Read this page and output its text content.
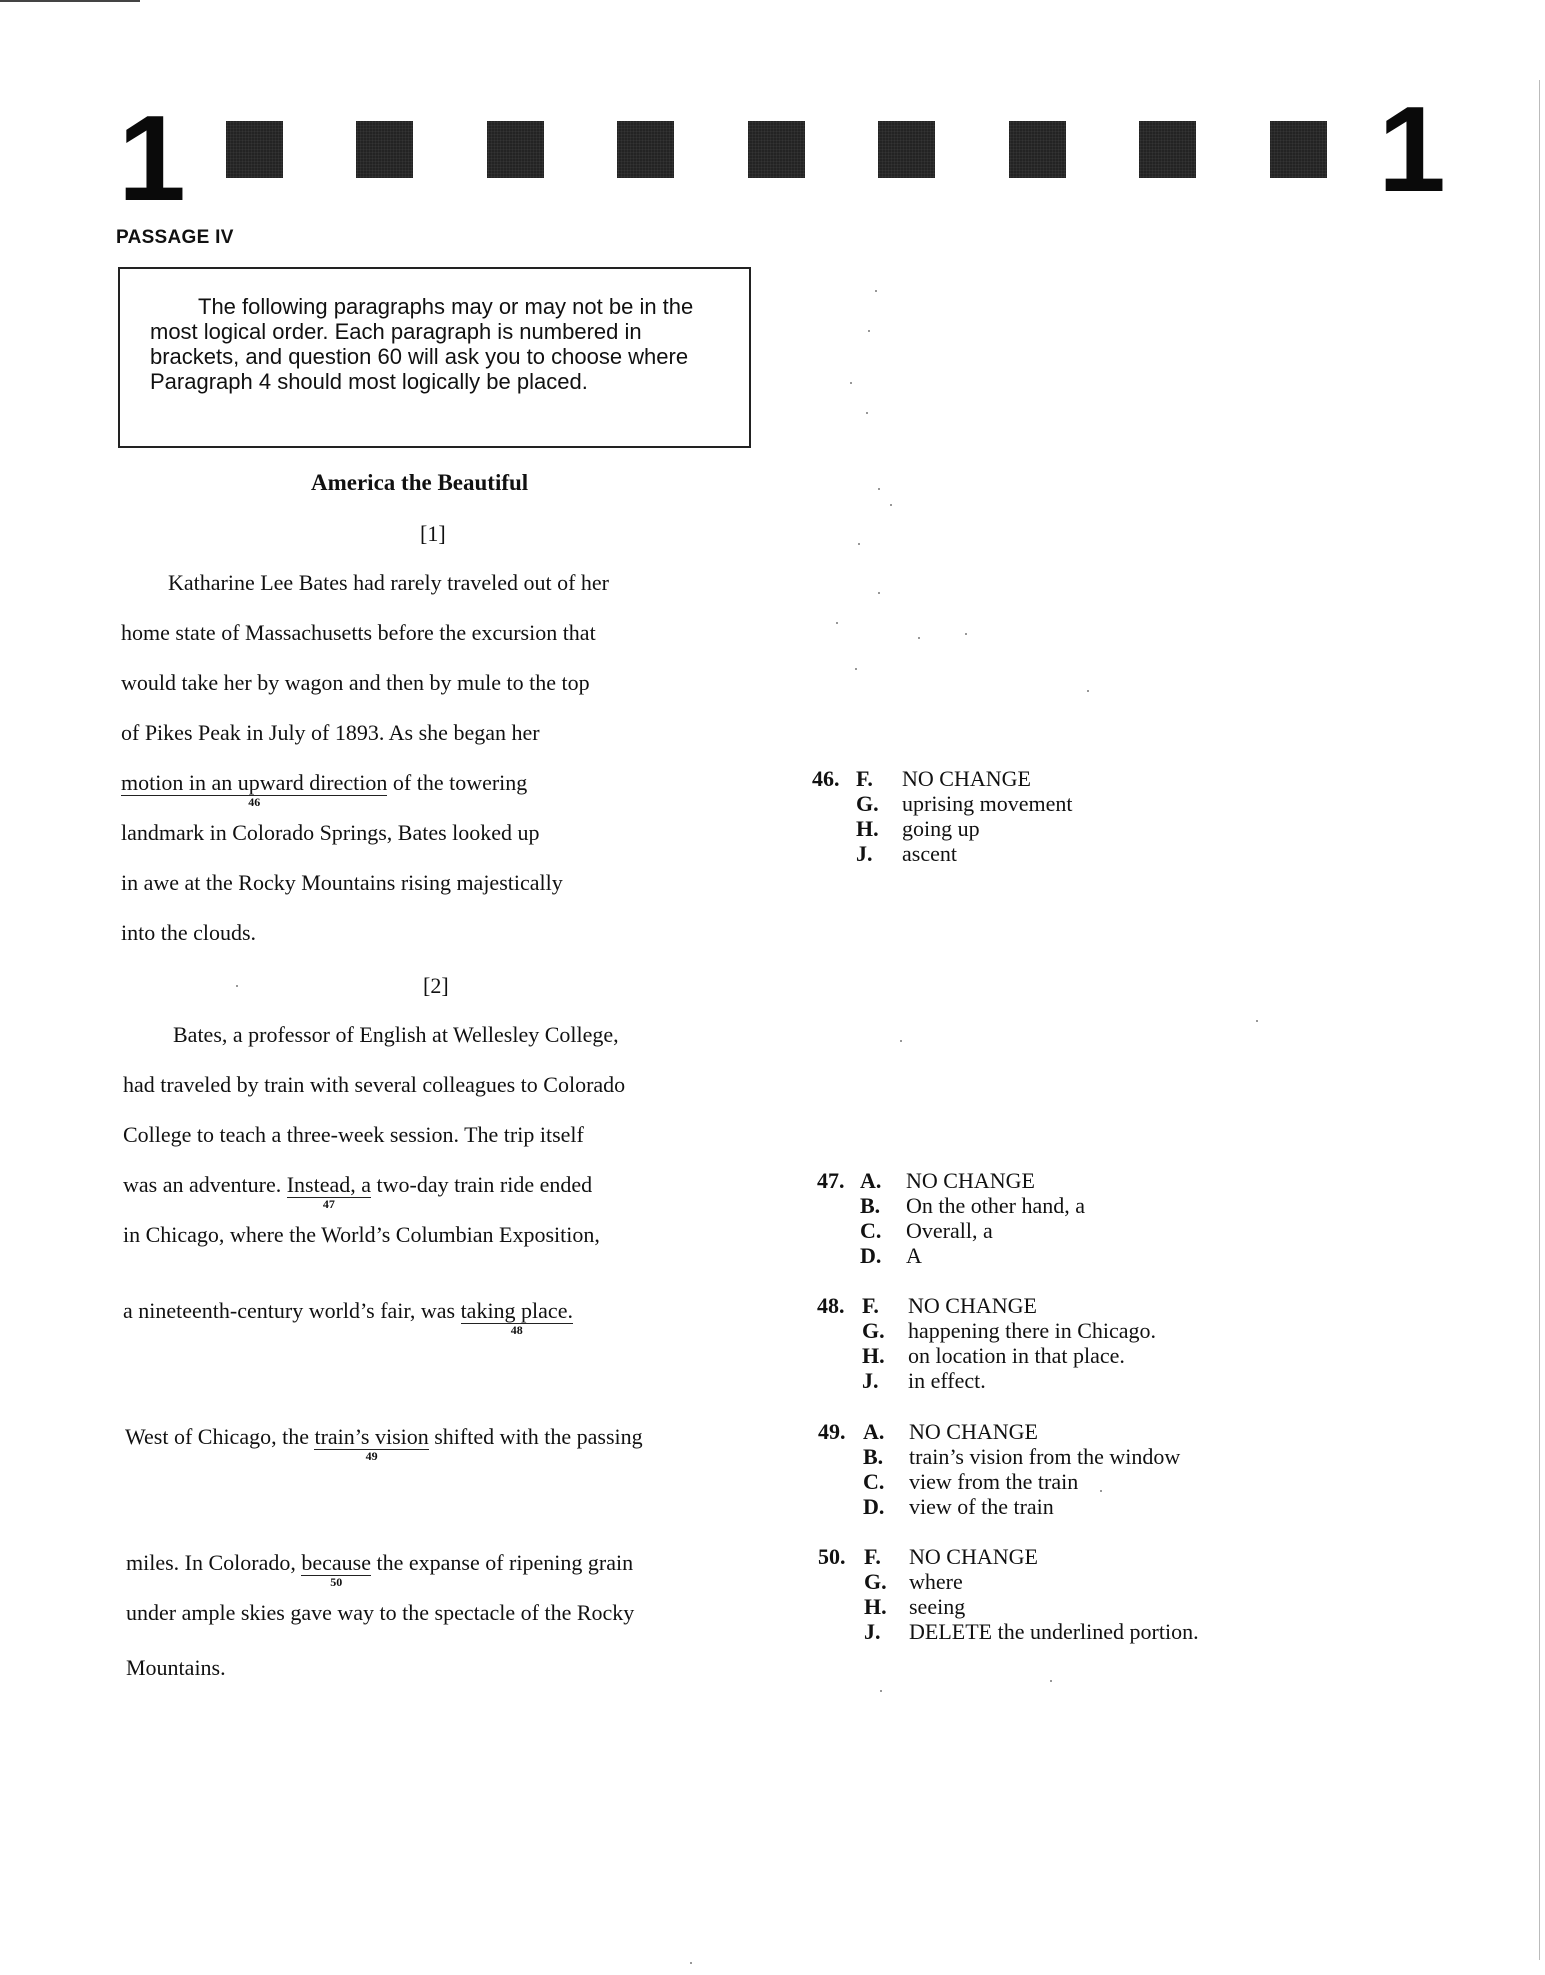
1	1
PASSAGE IV

The following paragraphs may or may not be in the most logical order. Each paragraph is numbered in brackets, and question 60 will ask you to choose where Paragraph 4 should most logically be placed.

America the Beautiful
[1]
Katharine Lee Bates had rarely traveled out of her
home state of Massachusetts before the excursion that
would take her by wagon and then by mule to the top
of Pikes Peak in July of 1893. As she began her
motion in an upward direction
46
of the towering
landmark in Colorado Springs, Bates looked up
in awe at the Rocky Mountains rising majestically
into the clouds.
[2]
Bates, a professor of English at Wellesley College,
had traveled by train with several colleagues to Colorado
College to teach a three-week session. The trip itself
was an adventure. Instead, a
47
two-day train ride ended
in Chicago, where the World’s Columbian Exposition,
a nineteenth-century world’s fair, was taking place.
48
West of Chicago, the train’s vision
49
shifted with the passing
miles. In Colorado, because
50
the expanse of ripening grain
under ample skies gave way to the spectacle of the Rocky
Mountains.
46. F. NO CHANGE
G. uprising movement
H. going up
J. ascent
47. A. NO CHANGE
B. On the other hand, a
C. Overall, a
D. A
48. F. NO CHANGE
G. happening there in Chicago.
H. on location in that place.
J. in effect.
49. A. NO CHANGE
B. train’s vision from the window
C. view from the train
D. view of the train
50. F. NO CHANGE
G. where
H. seeing
J. DELETE the underlined portion.
